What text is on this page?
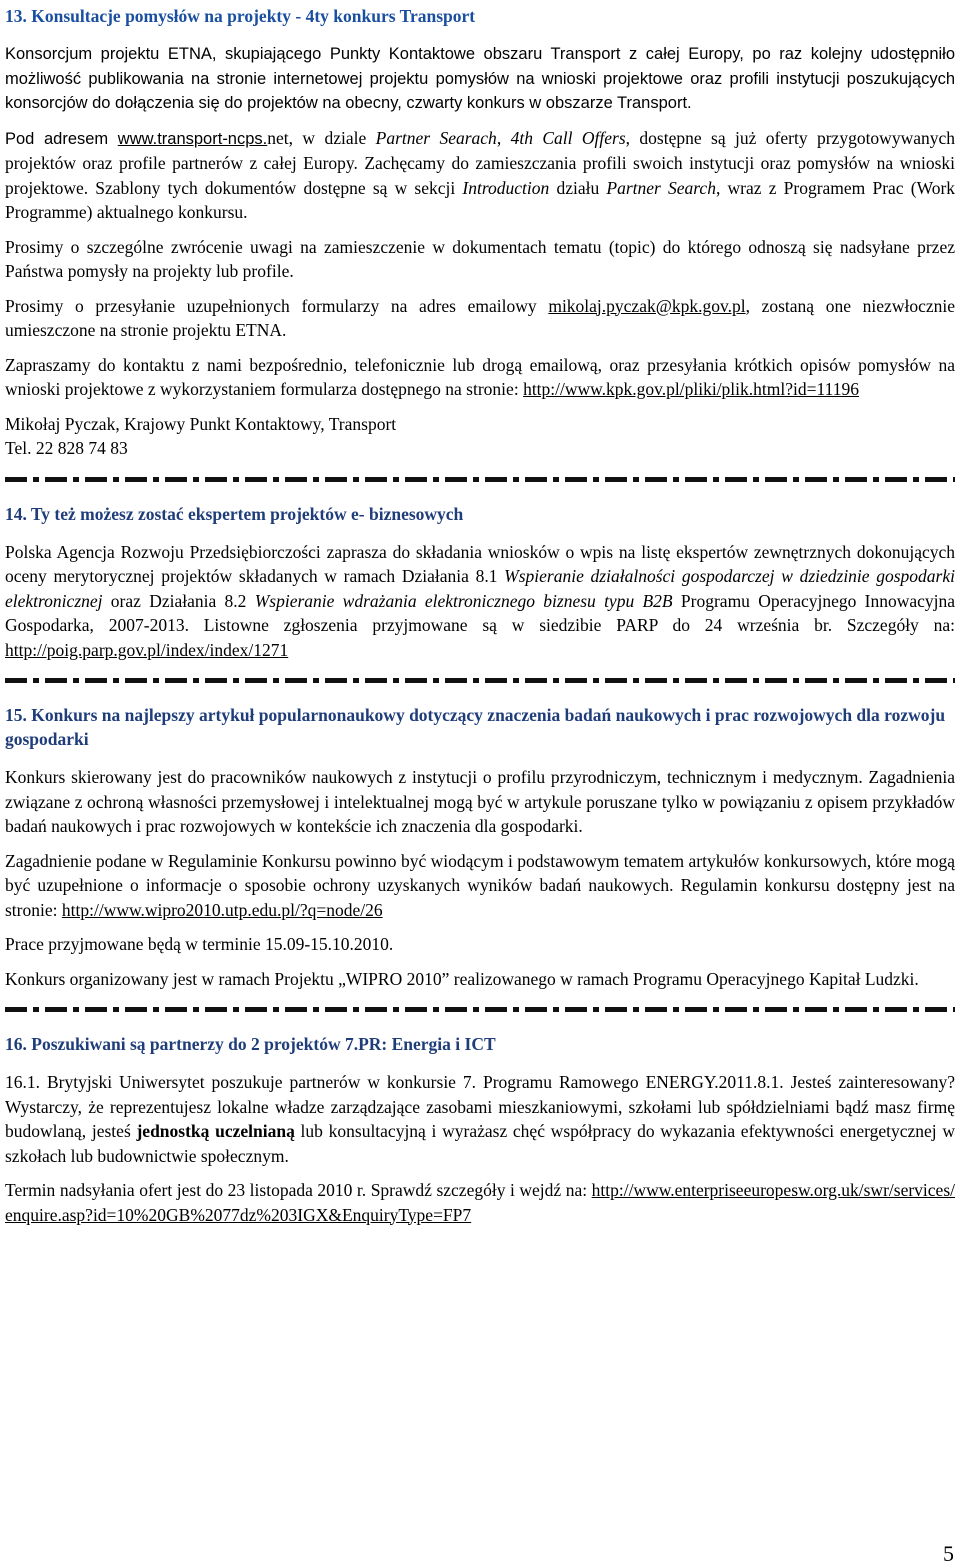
13. Konsultacje pomysłów na projekty - 4ty konkurs Transport

Konsorcjum projektu ETNA, skupiającego Punkty Kontaktowe obszaru Transport z całej Europy, po raz kolejny udostępniło możliwość publikowania na stronie internetowej projektu pomysłów na wnioski projektowe oraz profili instytucji poszukujących konsorcjów do dołączenia się do projektów na obecny, czwarty konkurs w obszarze Transport.

Pod adresem www.transport-ncps.net, w dziale Partner Searach, 4th Call Offers, dostępne są już oferty przygotowywanych projektów oraz profile partnerów z całej Europy. Zachęcamy do zamieszczania profili swoich instytucji oraz pomysłów na wnioski projektowe. Szablony tych dokumentów dostępne są w sekcji Introduction działu Partner Search, wraz z Programem Prac (Work Programme) aktualnego konkursu.

Prosimy o szczególne zwrócenie uwagi na zamieszczenie w dokumentach tematu (topic) do którego odnoszą się nadsyłane przez Państwa pomysły na projekty lub profile.

Prosimy o przesyłanie uzupełnionych formularzy na adres emailowy mikolaj.pyczak@kpk.gov.pl, zostaną one niezwłocznie umieszczone na stronie projektu ETNA.

Zapraszamy do kontaktu z nami bezpośrednio, telefonicznie lub drogą emailową, oraz przesyłania krótkich opisów pomysłów na wnioski projektowe z wykorzystaniem formularza dostępnego na stronie: http://www.kpk.gov.pl/pliki/plik.html?id=11196

Mikołaj Pyczak, Krajowy Punkt Kontaktowy, Transport

Tel. 22 828 74 83

14. Ty też możesz zostać ekspertem projektów e- biznesowych

Polska Agencja Rozwoju Przedsiębiorczości zaprasza do składania wniosków o wpis na listę ekspertów zewnętrznych dokonujących oceny merytorycznej projektów składanych w ramach Działania 8.1 Wspieranie działalności gospodarczej w dziedzinie gospodarki elektronicznej oraz Działania 8.2 Wspieranie wdrażania elektronicznego biznesu typu B2B Programu Operacyjnego Innowacyjna Gospodarka, 2007-2013. Listowne zgłoszenia przyjmowane są w siedzibie PARP do 24 września br. Szczegóły na: http://poig.parp.gov.pl/index/index/1271

15. Konkurs na najlepszy artykuł popularnonaukowy dotyczący znaczenia badań naukowych i prac rozwojowych dla rozwoju gospodarki

Konkurs skierowany jest do pracowników naukowych z instytucji o profilu przyrodniczym, technicznym i medycznym. Zagadnienia związane z ochroną własności przemysłowej i intelektualnej mogą być w artykule poruszane tylko w powiązaniu z opisem przykładów badań naukowych i prac rozwojowych w kontekście ich znaczenia dla gospodarki.

Zagadnienie podane w Regulaminie Konkursu powinno być wiodącym i podstawowym tematem artykułów konkursowych, które mogą być uzupełnione o informacje o sposobie ochrony uzyskanych wyników badań naukowych. Regulamin konkursu dostępny jest na stronie: http://www.wipro2010.utp.edu.pl/?q=node/26

Prace przyjmowane będą w terminie 15.09-15.10.2010.

Konkurs organizowany jest w ramach Projektu „WIPRO 2010” realizowanego w ramach Programu Operacyjnego Kapitał Ludzki.

16. Poszukiwani są partnerzy do 2 projektów 7.PR: Energia i ICT

16.1. Brytyjski Uniwersytet poszukuje partnerów w konkursie 7. Programu Ramowego ENERGY.2011.8.1. Jesteś zainteresowany? Wystarczy, że reprezentujesz lokalne władze zarządzające zasobami mieszkaniowymi, szkołami lub spółdzielniami bądź masz firmę budowlaną, jesteś jednostką uczelnianą lub konsultacyjną i wyrażasz chęć współpracy do wykazania efektywności energetycznej w szkołach lub budownictwie społecznym.

Termin nadsyłania ofert jest do 23 listopada 2010 r. Sprawdź szczegóły i wejdź na: http://www.enterpriseeuropesw.org.uk/swr/services/enquire.asp?id=10%20GB%2077dz%203IGX&EnquiryType=FP7

5
